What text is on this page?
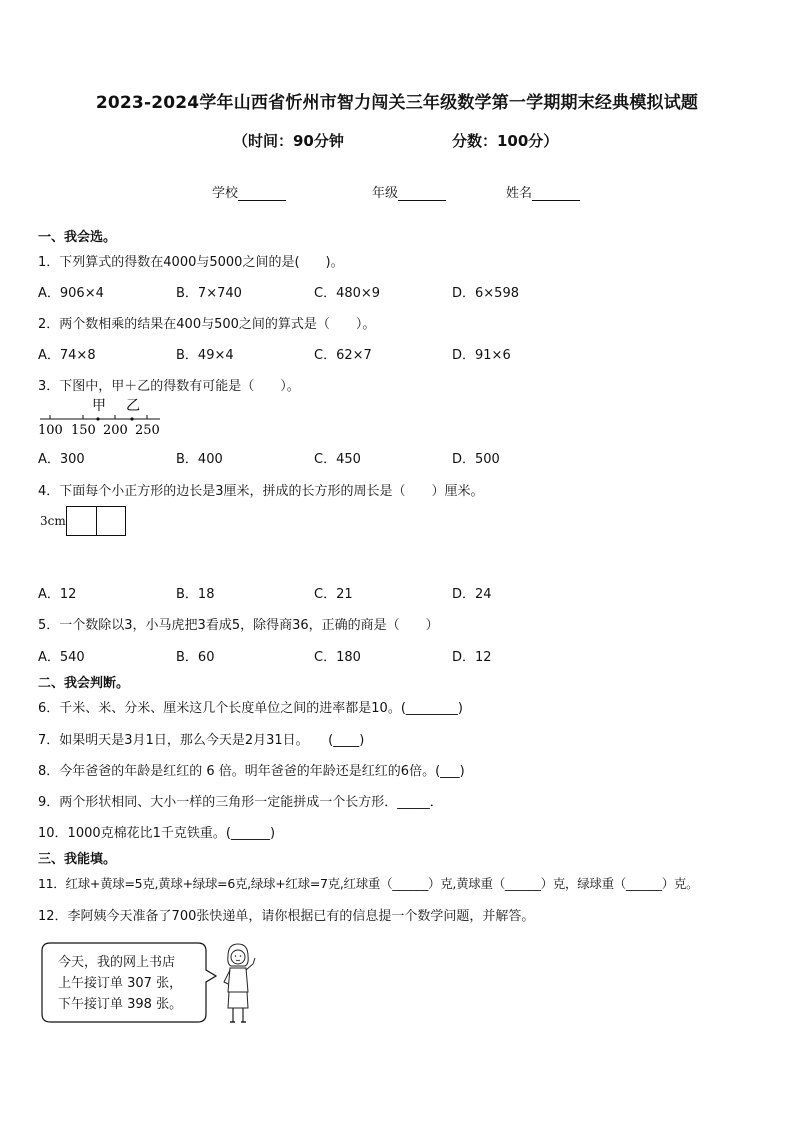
2023-2024学年山西省忻州市智力闯关三年级数学第一学期期末经典模拟试题
（时间：90分钟	分数：100分）
学校	年级	姓名
一、我会选。
1．下列算式的得数在4000与5000之间的是(　　)。
A．906×4	B．7×740	C．480×9	D．6×598
2．两个数相乘的结果在400与500之间的算式是（　　）。
A．74×8	B．49×4	C．62×7	D．91×6
3．下图中，甲＋乙的得数有可能是（　　）。
甲 乙
100 150 200 250
A．300	B．400	C．450	D．500
4．下面每个小正方形的边长是3厘米，拼成的长方形的周长是（　　）厘米。
3cm
A．12	B．18	C．21	D．24
5．一个数除以3，小马虎把3看成5，除得商36，正确的商是（　　）
A．540	B．60	C．180	D．12
二、我会判断。
6．千米、米、分米、厘米这几个长度单位之间的进率都是10。(________)
7．如果明天是3月1日，那么今天是2月31日。　　(____)
8．今年爸爸的年龄是红红的 6 倍。明年爸爸的年龄还是红红的6倍。(___)
9．两个形状相同、大小一样的三角形一定能拼成一个长方形．_____．
10．1000克棉花比1千克铁重。(______)
三、我能填。
11．红球+黄球=5克,黄球+绿球=6克,绿球+红球=7克,红球重（______）克,黄球重（______）克，绿球重（______）克。
12．李阿姨今天准备了700张快递单，请你根据已有的信息提一个数学问题，并解答。
今天，我的网上书店
上午接订单 307 张，
下午接订单 398 张。
